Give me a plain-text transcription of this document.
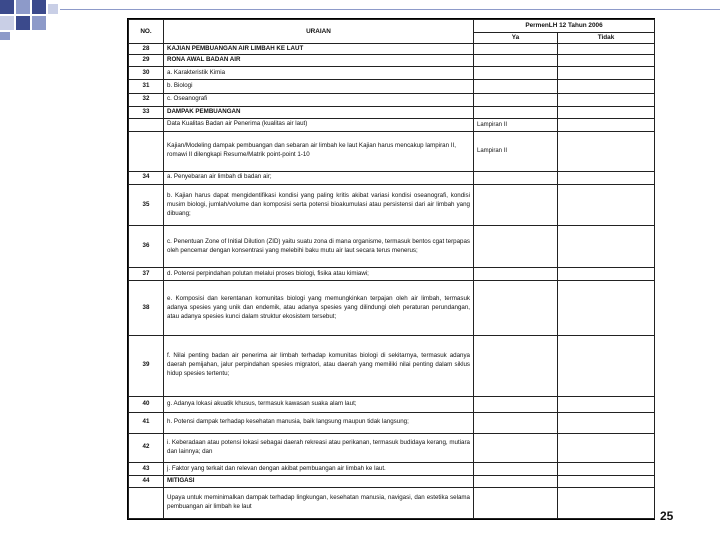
NO.	URAIAN	PermenLH 12 Tahun 2006	
		Ya	Tidak
28	KAJIAN PEMBUANGAN AIR LIMBAH KE LAUT		
29	RONA AWAL BADAN AIR		
30	a. Karakteristik Kimia		
31	b. Biologi		
32	c. Oseanografi		
33	DAMPAK PEMBUANGAN		
	Data Kualitas Badan air Penerima (kualitas air laut)	Lampiran II	
	Kajian/Modeling dampak pembuangan dan sebaran air limbah ke laut Kajian harus mencakup lampiran II, romawi II dilengkapi Resume/Matrik point-point 1-10	Lampiran II	
34	a. Penyebaran air limbah di badan air;		
35	b. Kajian harus dapat mengidentifikasi kondisi yang paling kritis akibat variasi kondisi oseanografi, kondisi musim biologi, jumlah/volume dan komposisi serta potensi bioakumulasi atau persistensi dari air limbah yang dibuang;		
36	c. Penentuan Zone of Initial Dilution (ZID) yaitu suatu zona di mana organisme, termasuk bentos cgat terpapas oleh pencemar dengan konsentrasi yang melebihi baku mutu air laut secara terus menerus;		
37	d. Potensi perpindahan polutan melalui proses biologi, fisika atau kimiawi;		
38	e. Komposisi dan kerentanan komunitas biologi yang memungkinkan terpajan oleh air limbah, termasuk adanya spesies yang unik dan endemik, atau adanya spesies yang dilindungi oleh peraturan perundangan, atau adanya spesies kunci dalam struktur ekosistem tersebut;		
39	f. Nilai penting badan air penerima air limbah terhadap komunitas biologi di sekitarnya, termasuk adanya daerah pemijahan, jalur perpindahan spesies migratori, atau daerah yang memiliki nilai penting dalam siklus hidup spesies tertentu;		
40	g. Adanya lokasi akuatik khusus, termasuk kawasan suaka alam laut;		
41	h. Potensi dampak terhadap kesehatan manusia, baik langsung maupun tidak langsung;		
42	i. Keberadaan atau potensi lokasi sebagai daerah rekreasi atau perikanan, termasuk budidaya kerang, mutiara dan lainnya; dan		
43	j. Faktor yang terkait dan relevan dengan akibat pembuangan air limbah ke laut.		
44	MITIGASI		
	Upaya untuk meminimalkan dampak terhadap lingkungan, kesehatan manusia, navigasi, dan estetika selama pembuangan air limbah ke laut		
25
